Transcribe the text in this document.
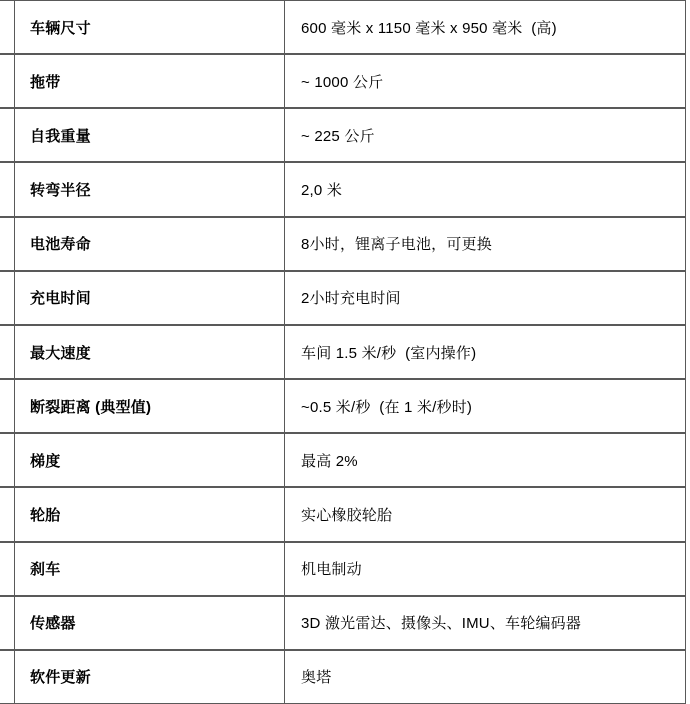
车辆尺寸	600 毫米 x 1150 毫米 x 950 毫米  (高)
拖带	~ 1000 公斤
自我重量	~ 225 公斤
转弯半径	2,0 米
电池寿命	8小时，锂离子电池，可更换
充电时间	2小时充电时间
最大速度	车间 1.5 米/秒  (室内操作)
断裂距离 (典型值)	~0.5 米/秒  (在 1 米/秒时)
梯度	最高 2%
轮胎	实心橡胶轮胎
刹车	机电制动
传感器	3D 激光雷达、摄像头、IMU、车轮编码器
软件更新	奥塔
